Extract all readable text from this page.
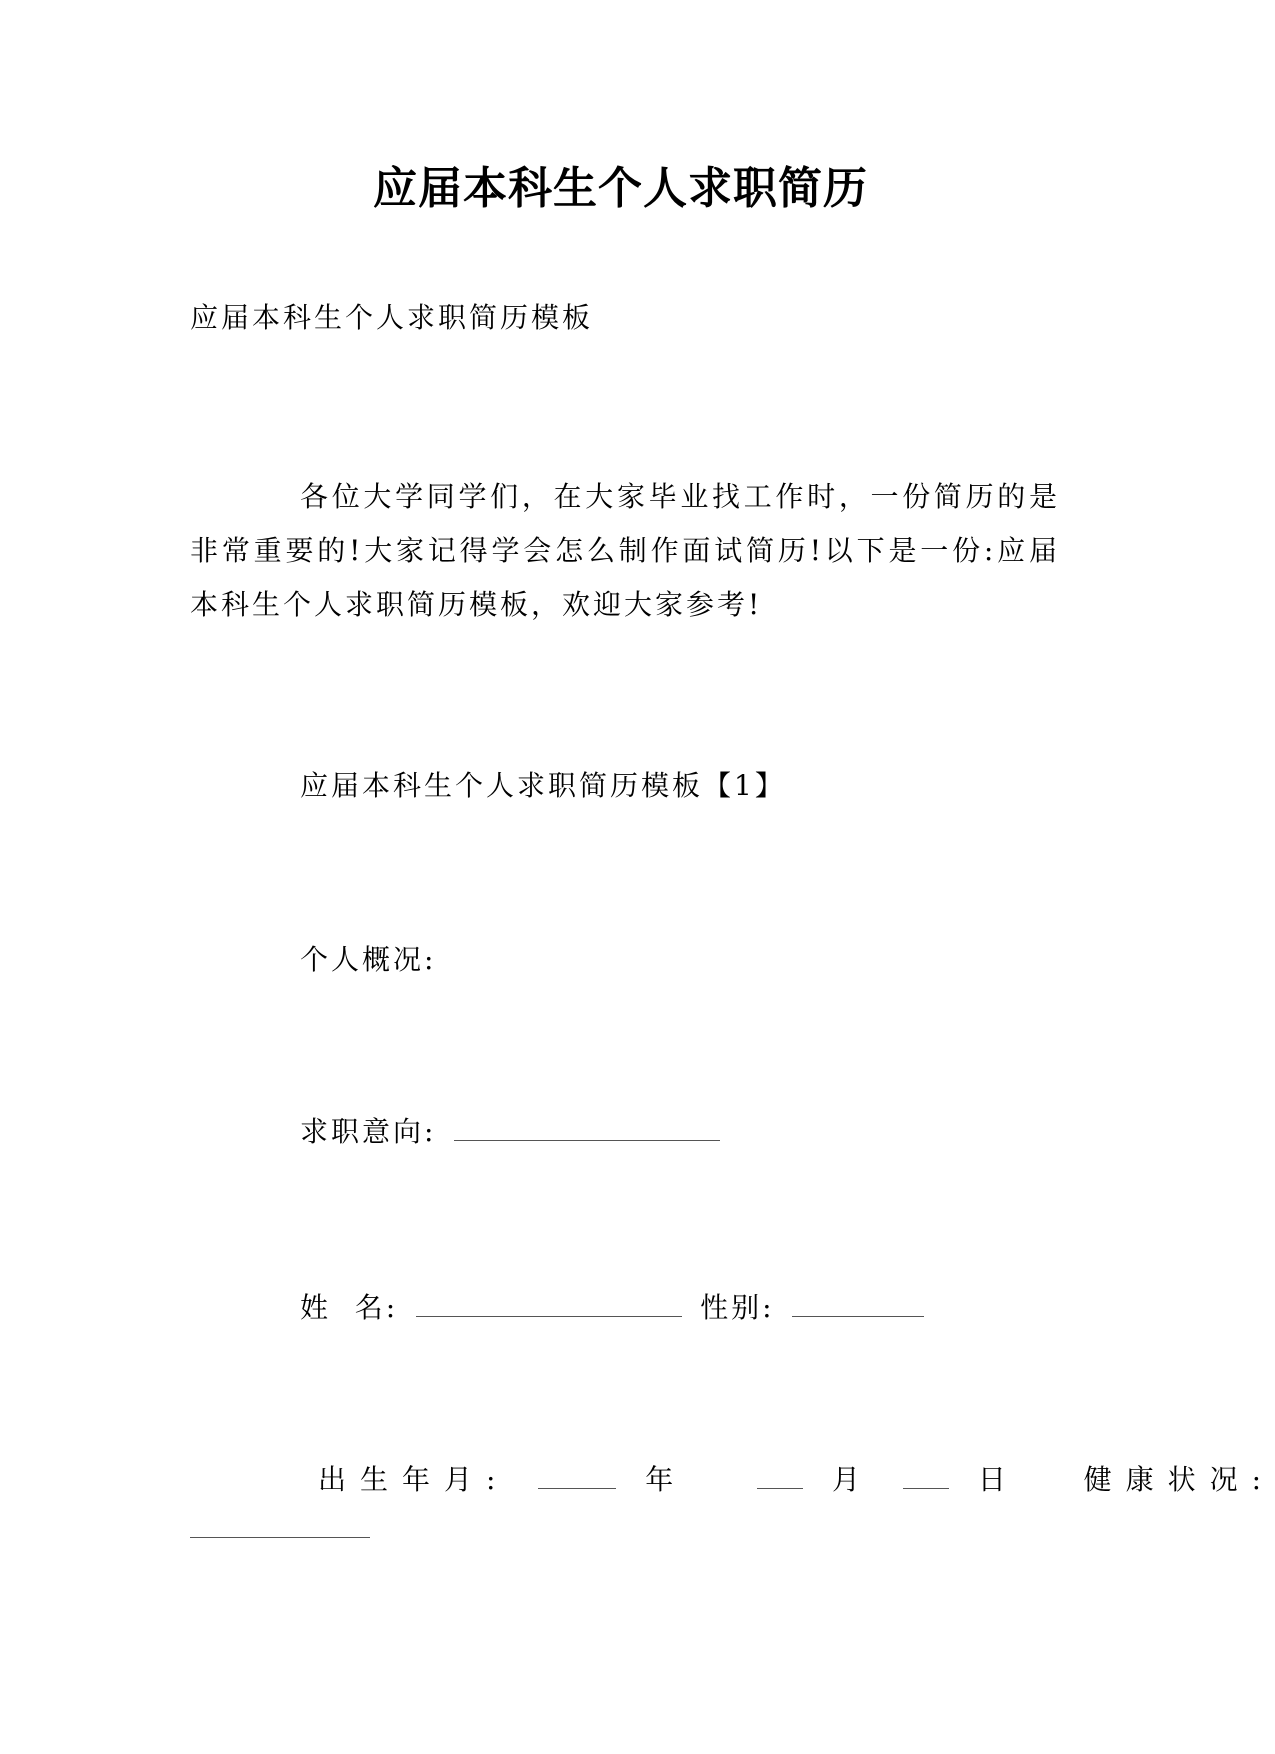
应届本科生个人求职简历

应届本科生个人求职简历模板

各位大学同学们，在大家毕业找工作时，一份简历的是非常重要的!大家记得学会怎么制作面试简历!以下是一份:应届本科生个人求职简历模板，欢迎大家参考!

应届本科生个人求职简历模板【1】

个人概况:

求职意向:
姓  名:	性别:
出生年月:	年	月	日 健康状况:
